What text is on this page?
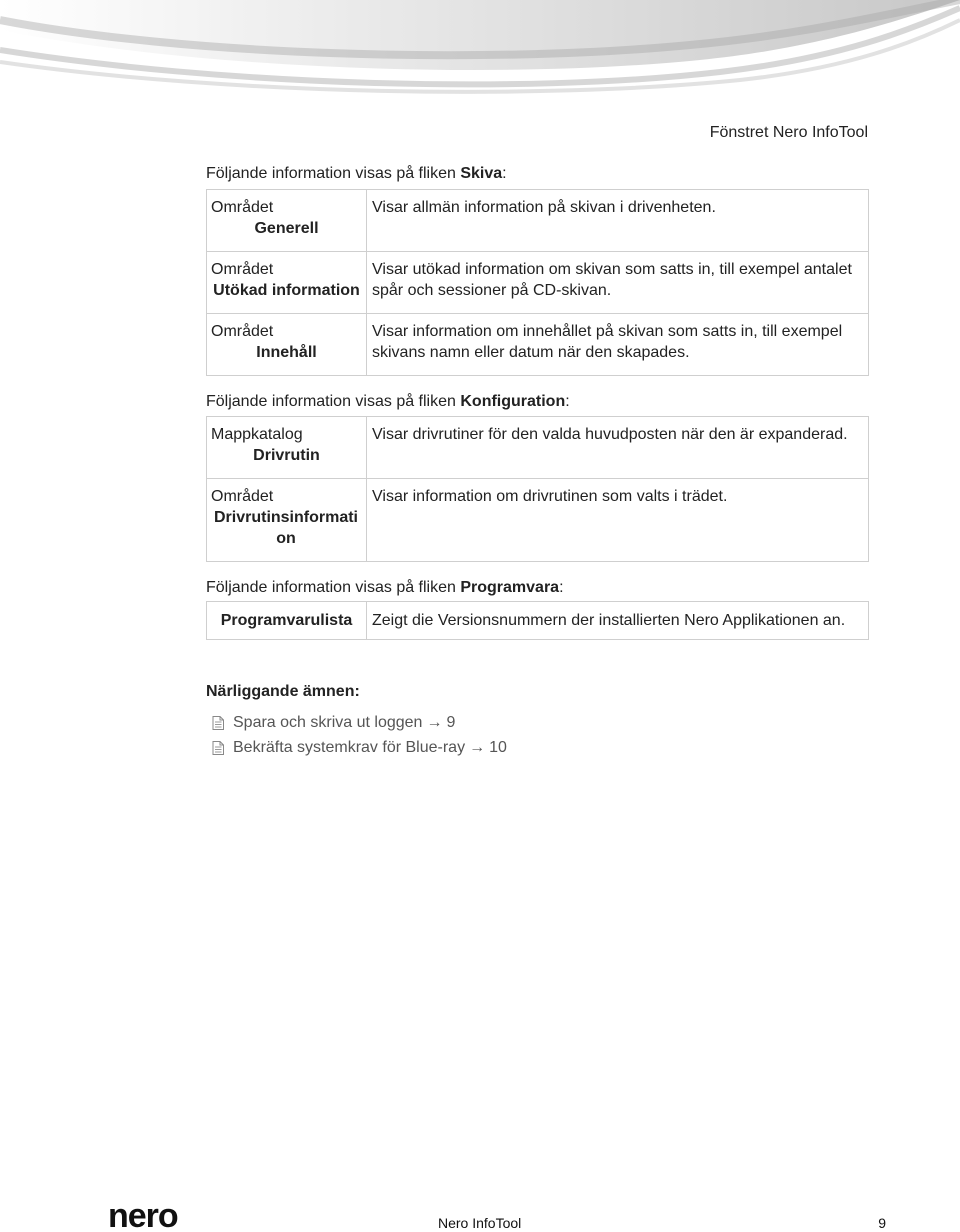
Fönstret Nero InfoTool
Följande information visas på fliken Skiva:
Området
Generell	Visar allmän information på skivan i drivenheten.

Området
Utökad information	Visar utökad information om skivan som satts in, till exempel antalet spår och sessioner på CD-skivan.

Området
Innehåll	Visar information om innehållet på skivan som satts in, till exempel skivans namn eller datum när den skapades.
Följande information visas på fliken Konfiguration:
Mappkatalog
Drivrutin	Visar drivrutiner för den valda huvudposten när den är expanderad.

Området
Drivrutinsinformati on	Visar information om drivrutinen som valts i trädet.
Följande information visas på fliken Programvara:
Programvarulista	Zeigt die Versionsnummern der installierten Nero Applikationen an.
Närliggande ämnen:
Spara och skriva ut loggen → 9
Bekräfta systemkrav för Blue-ray → 10
nero	Nero InfoTool	9
